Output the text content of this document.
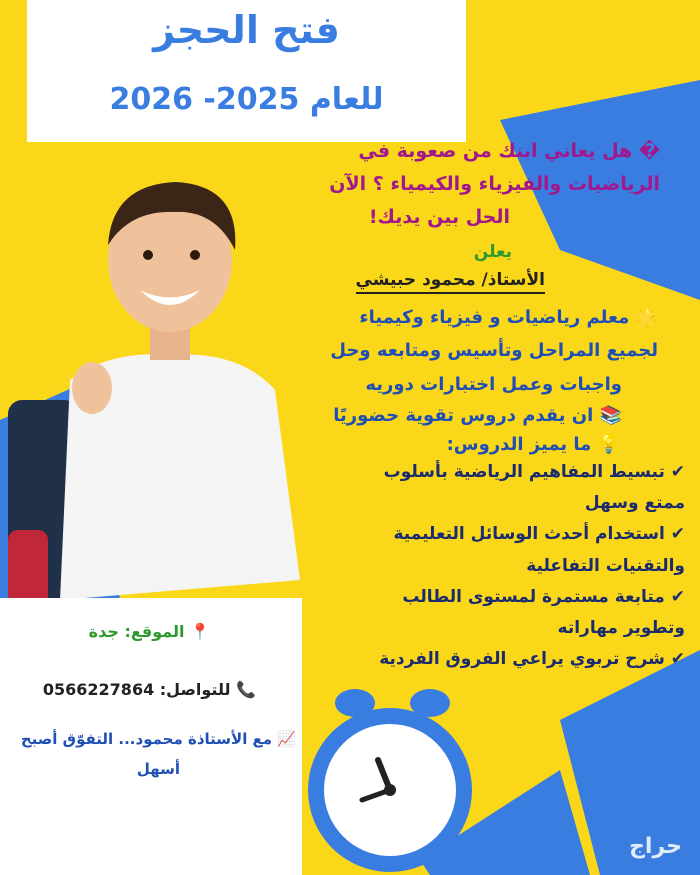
فتح الحجز
للعام 2025- 2026
� هل يعاني ابنك من صعوبة في
الرياضيات والفيزياء والكيمياء ؟ الآن
الحل بين يديك!
يعلن
الأستاذ/ محمود حبيشي
🌟 معلم رياضيات و فيزياء وكيمياء
لجميع المراحل وتأسيس ومتابعه وحل
واجبات وعمل اختبارات دوريه
📚 ان يقدم دروس تقوية حضوريًا
💡 ما يميز الدروس:
✔ تبسيط المفاهيم الرياضية بأسلوب
ممتع وسهل
✔ استخدام أحدث الوسائل التعليمية
والتقنيات التفاعلية
✔ متابعة مستمرة لمستوى الطالب
وتطوير مهاراته
✔ شرح تربوي يراعي الفروق الفردية
📍 الموقع: جدة
📞 للتواصل: 0566227864
📈 مع الأستاذة محمود... التفوّق أصبح
أسهل
حراج
